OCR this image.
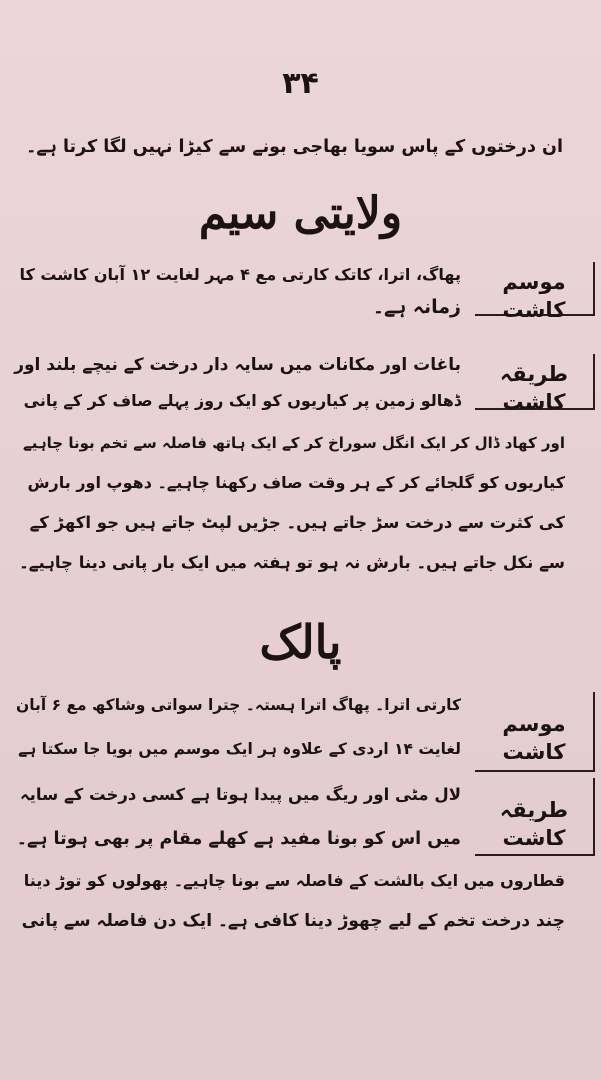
۳۴
ان درختوں کے پاس سویا بھاجی بونے سے کیڑا نہیں لگا کرتا ہے۔
ولایتی سیم
موسم کاشت
پھاگ، اترا، کاتک کارتی مع ۴ مہر لغایت ۱۲ آبان کاشت کا
زمانہ ہے۔
طریقہ کاشت
باغات اور مکانات میں سایہ دار درخت کے نیچے بلند اور
ڈھالو زمین پر کیاریوں کو ایک روز پہلے صاف کر کے پانی
اور کھاد ڈال کر ایک انگل سوراخ کر کے ایک ہاتھ فاصلہ سے تخم بونا چاہیے
کیاریوں کو گلجائے کر کے ہر وقت صاف رکھنا چاہیے۔ دھوپ اور بارش
کی کثرت سے درخت سڑ جاتے ہیں۔ جڑیں لپٹ جاتے ہیں جو اکھڑ کے
سے نکل جاتے ہیں۔ بارش نہ ہو تو ہفتہ میں ایک بار پانی دینا چاہیے۔
پالک
موسم کاشت
کارتی اترا۔ پھاگ اترا ہستہ۔ چترا سواتی وشاکھ مع ۶ آبان
لغایت ۱۴ اردی کے علاوہ ہر ایک موسم میں بویا جا سکتا ہے
طریقہ کاشت
لال مٹی اور ریگ میں پیدا ہوتا ہے کسی درخت کے سایہ
میں اس کو بونا مفید ہے کھلے مقام پر بھی ہوتا ہے۔
قطاروں میں ایک بالشت کے فاصلہ سے بونا چاہیے۔ پھولوں کو توڑ دینا
چند درخت تخم کے لیے چھوڑ دینا کافی ہے۔ ایک دن فاصلہ سے پانی
